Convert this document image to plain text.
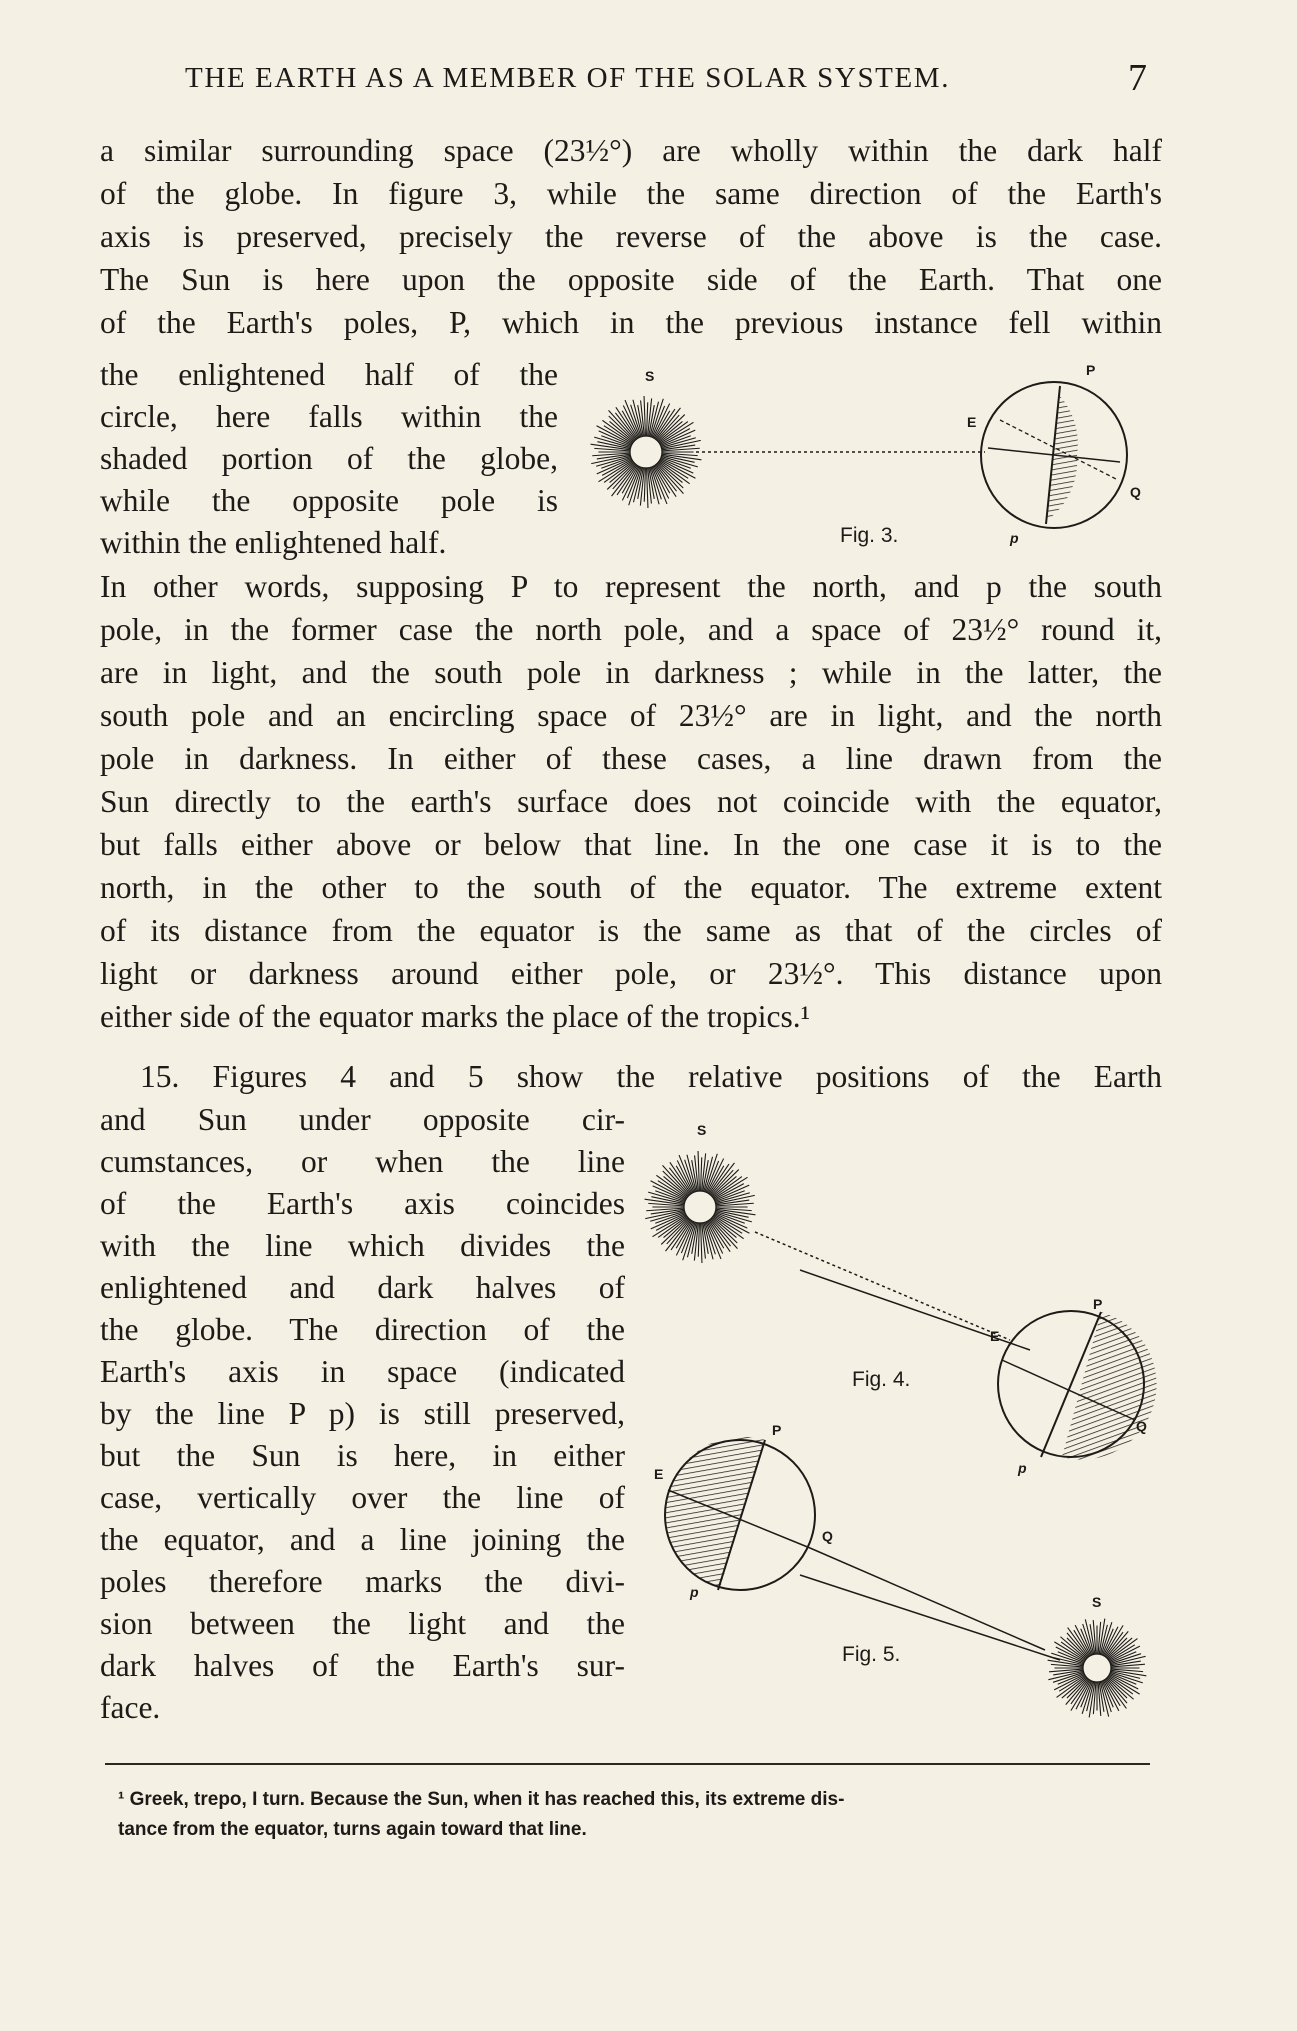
THE EARTH AS A MEMBER OF THE SOLAR SYSTEM.	7
a similar surrounding space (23½°) are wholly within the dark half
of the globe. In figure 3, while the same direction of the Earth's
axis is preserved, precisely the reverse of the above is the case.
The Sun is here upon the opposite side of the Earth. That one
of the Earth's poles, P, which in the previous instance fell within
the enlightened half of the
circle, here falls within the
shaded portion of the globe,
while the opposite pole is
within the enlightened half.
In other words, supposing P to represent the north, and p the south
pole, in the former case the north pole, and a space of 23½° round it,
are in light, and the south pole in darkness ; while in the latter, the
south pole and an encircling space of 23½° are in light, and the north
pole in darkness. In either of these cases, a line drawn from the
Sun directly to the earth's surface does not coincide with the equator,
but falls either above or below that line. In the one case it is to the
north, in the other to the south of the equator. The extreme extent
of its distance from the equator is the same as that of the circles of
light or darkness around either pole, or 23½°. This distance upon
either side of the equator marks the place of the tropics.¹
15. Figures 4 and 5 show the relative positions of the Earth
and Sun under opposite cir-
cumstances, or when the line
of the Earth's axis coincides
with the line which divides the
enlightened and dark halves of
the globe. The direction of the
Earth's axis in space (indicated
by the line P p) is still preserved,
but the Sun is here, in either
case, vertically over the line of
the equator, and a line joining the
poles therefore marks the divi-
sion between the light and the
dark halves of the Earth's sur-
face.
S	P
E
Q
p
Fig. 3.
S
P
E
Q
p
Fig. 4.
P
E
Q
p
S
Fig. 5.
¹ Greek, trepo, I turn. Because the Sun, when it has reached this, its extreme dis-
tance from the equator, turns again toward that line.
